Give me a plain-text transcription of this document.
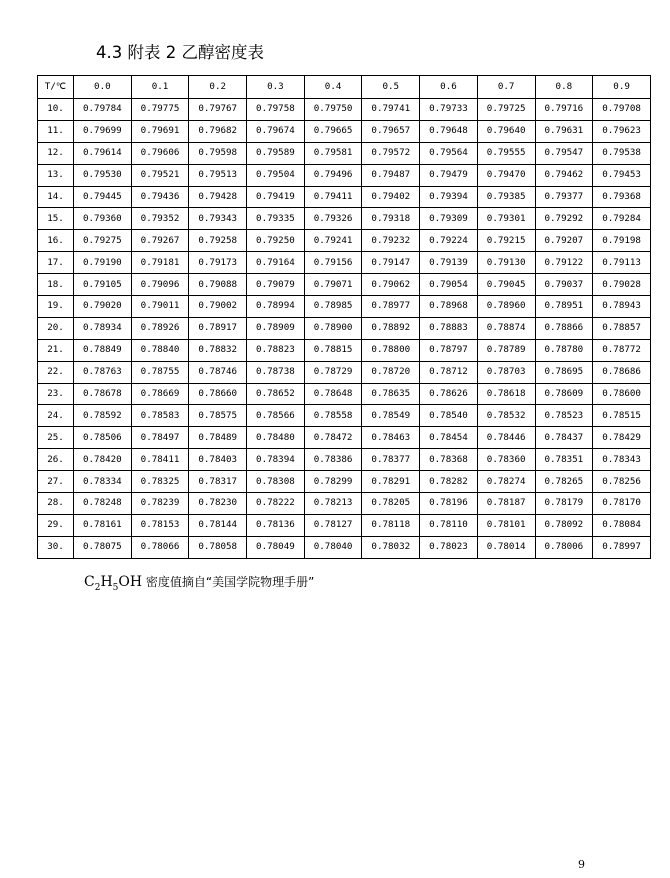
4.3 附表 2 乙醇密度表
T/℃	0.0	0.1	0.2	0.3	0.4	0.5	0.6	0.7	0.8	0.9
10.	0.79784	0.79775	0.79767	0.79758	0.79750	0.79741	0.79733	0.79725	0.79716	0.79708
11.	0.79699	0.79691	0.79682	0.79674	0.79665	0.79657	0.79648	0.79640	0.79631	0.79623
12.	0.79614	0.79606	0.79598	0.79589	0.79581	0.79572	0.79564	0.79555	0.79547	0.79538
13.	0.79530	0.79521	0.79513	0.79504	0.79496	0.79487	0.79479	0.79470	0.79462	0.79453
14.	0.79445	0.79436	0.79428	0.79419	0.79411	0.79402	0.79394	0.79385	0.79377	0.79368
15.	0.79360	0.79352	0.79343	0.79335	0.79326	0.79318	0.79309	0.79301	0.79292	0.79284
16.	0.79275	0.79267	0.79258	0.79250	0.79241	0.79232	0.79224	0.79215	0.79207	0.79198
17.	0.79190	0.79181	0.79173	0.79164	0.79156	0.79147	0.79139	0.79130	0.79122	0.79113
18.	0.79105	0.79096	0.79088	0.79079	0.79071	0.79062	0.79054	0.79045	0.79037	0.79028
19.	0.79020	0.79011	0.79002	0.78994	0.78985	0.78977	0.78968	0.78960	0.78951	0.78943
20.	0.78934	0.78926	0.78917	0.78909	0.78900	0.78892	0.78883	0.78874	0.78866	0.78857
21.	0.78849	0.78840	0.78832	0.78823	0.78815	0.78800	0.78797	0.78789	0.78780	0.78772
22.	0.78763	0.78755	0.78746	0.78738	0.78729	0.78720	0.78712	0.78703	0.78695	0.78686
23.	0.78678	0.78669	0.78660	0.78652	0.78648	0.78635	0.78626	0.78618	0.78609	0.78600
24.	0.78592	0.78583	0.78575	0.78566	0.78558	0.78549	0.78540	0.78532	0.78523	0.78515
25.	0.78506	0.78497	0.78489	0.78480	0.78472	0.78463	0.78454	0.78446	0.78437	0.78429
26.	0.78420	0.78411	0.78403	0.78394	0.78386	0.78377	0.78368	0.78360	0.78351	0.78343
27.	0.78334	0.78325	0.78317	0.78308	0.78299	0.78291	0.78282	0.78274	0.78265	0.78256
28.	0.78248	0.78239	0.78230	0.78222	0.78213	0.78205	0.78196	0.78187	0.78179	0.78170
29.	0.78161	0.78153	0.78144	0.78136	0.78127	0.78118	0.78110	0.78101	0.78092	0.78084
30.	0.78075	0.78066	0.78058	0.78049	0.78040	0.78032	0.78023	0.78014	0.78006	0.78997
$C_2H_5OH$ 密度值摘自“美国学院物理手册”
9
